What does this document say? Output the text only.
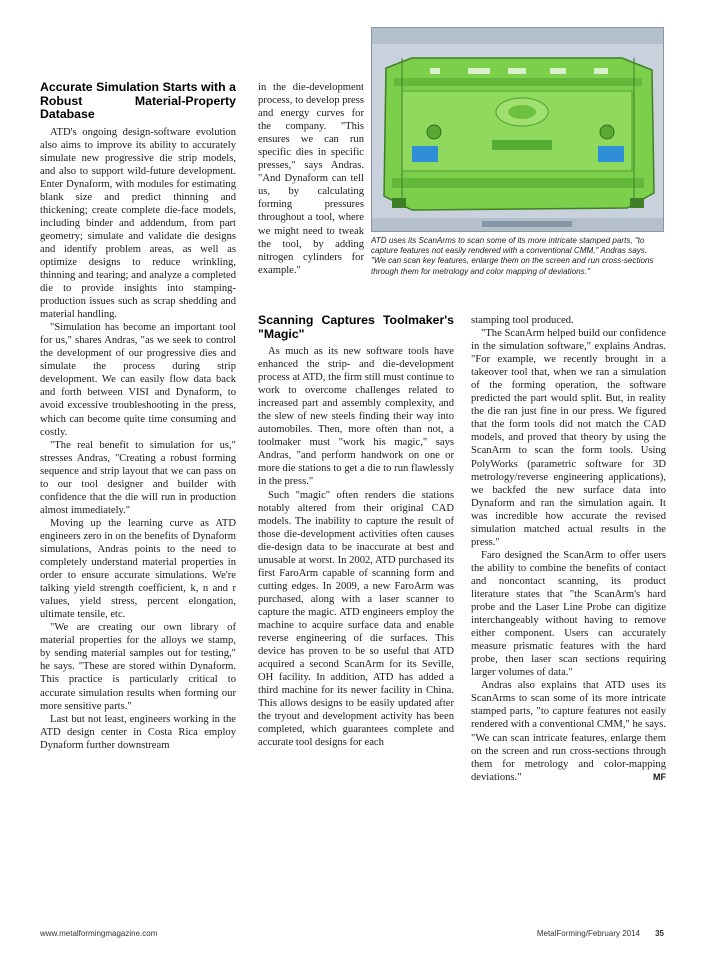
ATD uses its ScanArms to scan some of its more intricate stamped parts, "to capture features not easily rendered with a conventional CMM," Andras says. "We can scan key features, enlarge them on the screen and run cross-sections through them for metrology and color mapping of deviations."
Accurate Simulation Starts with a Robust Material-Property Database

ATD's ongoing design-software evolution also aims to improve its ability to accurately simulate new progressive die strip models, and also to support wild-future development. Enter Dynaform, with modules for estimating blank size and predict thinning and thickening; create complete die-face models, including binder and addendum, from part geometry; simulate and validate die designs and identify problem areas, as well as optimize designs to reduce wrinkling, thinning and tearing; and analyze a completed die to provide insights into stamping-production issues such as scrap shedding and material handling.

"Simulation has become an important tool for us," shares Andras, "as we seek to control the development of our progressive dies and simulate the process during strip development. We can easily flow data back and forth between VISI and Dynaform, to avoid excessive troubleshooting in the press, which can become quite time consuming and costly.

"The real benefit to simulation for us," stresses Andras, "Creating a robust forming sequence and strip layout that we can pass on to our tool designer and builder with confidence that the die will run in production almost immediately."

Moving up the learning curve as ATD engineers zero in on the benefits of Dynaform simulations, Andras points to the need to completely understand material properties in order to ensure accurate simulations. We're talking yield strength coefficient, k, n and r values, yield stress, percent elongation, ultimate tensile, etc.

"We are creating our own library of material properties for the alloys we stamp, by sending material samples out for testing," he says. "These are stored within Dynaform. This practice is particularly critical to accurate simulation results when forming our more sensitive parts."

Last but not least, engineers working in the ATD design center in Costa Rica employ Dynaform further downstream

in the die-development process, to develop press and energy curves for the company. "This ensures we can run specific dies in specific presses," says Andras. "And Dynaform can tell us, by calculating forming pressures throughout a tool, where we might need to tweak the tool, by adding nitrogen cylinders for example."

Scanning Captures Toolmaker's "Magic"

As much as its new software tools have enhanced the strip- and die-development process at ATD, the firm still must continue to work to overcome challenges related to increased part and assembly complexity, and the slew of new steels finding their way into automobiles. Then, more often than not, a toolmaker must "work his magic," says Andras, "and perform handwork on one or more die stations to get a die to run flawlessly in the press."

Such "magic" often renders die stations notably altered from their original CAD models. The inability to capture the result of those die-development activities often causes die-design data to be inaccurate at best and unusable at worst. In 2002, ATD purchased its first FaroArm capable of scanning form and cutting edges. In 2009, a new FaroArm was purchased, along with a laser scanner to capture the magic. ATD engineers employ the machine to acquire surface data and enable reverse engineering of die surfaces. This device has proven to be so useful that ATD acquired a second ScanArm for its Seville, OH facility. In addition, ATD has added a third machine for its newer facility in China. This allows designs to be easily updated after the tryout and development activity has been completed, which guarantees complete and accurate tool designs for each

stamping tool produced.

"The ScanArm helped build our confidence in the simulation software," explains Andras. "For example, we recently brought in a takeover tool that, when we ran a simulation of the forming operation, the software predicted the part would split. But, in reality the die ran just fine in our press. We figured that the form tools did not match the CAD models, and proved that theory by using the ScanArm to scan the form tools. Using PolyWorks (parametric software for 3D metrology/reverse engineering applications), we backfed the new surface data into Dynaform and ran the simulation again. It was incredible how accurate the revised simulation matched actual results in the press."

Faro designed the ScanArm to offer users the ability to combine the benefits of contact and noncontact scanning, its product literature states that "the ScanArm's hard probe and the Laser Line Probe can digitize interchangeably without having to remove either component. Users can accurately measure prismatic features with the hard probe, then laser scan sections requiring larger volumes of data."

Andras also explains that ATD uses its ScanArms to scan some of its more intricate stamped parts, "to capture features not easily rendered with a conventional CMM," he says. "We can scan intricate features, enlarge them on the screen and run cross-sections through them for metrology and color-mapping deviations."	MF

www.metalformingmagazine.com	MetalForming/February 2014 35
